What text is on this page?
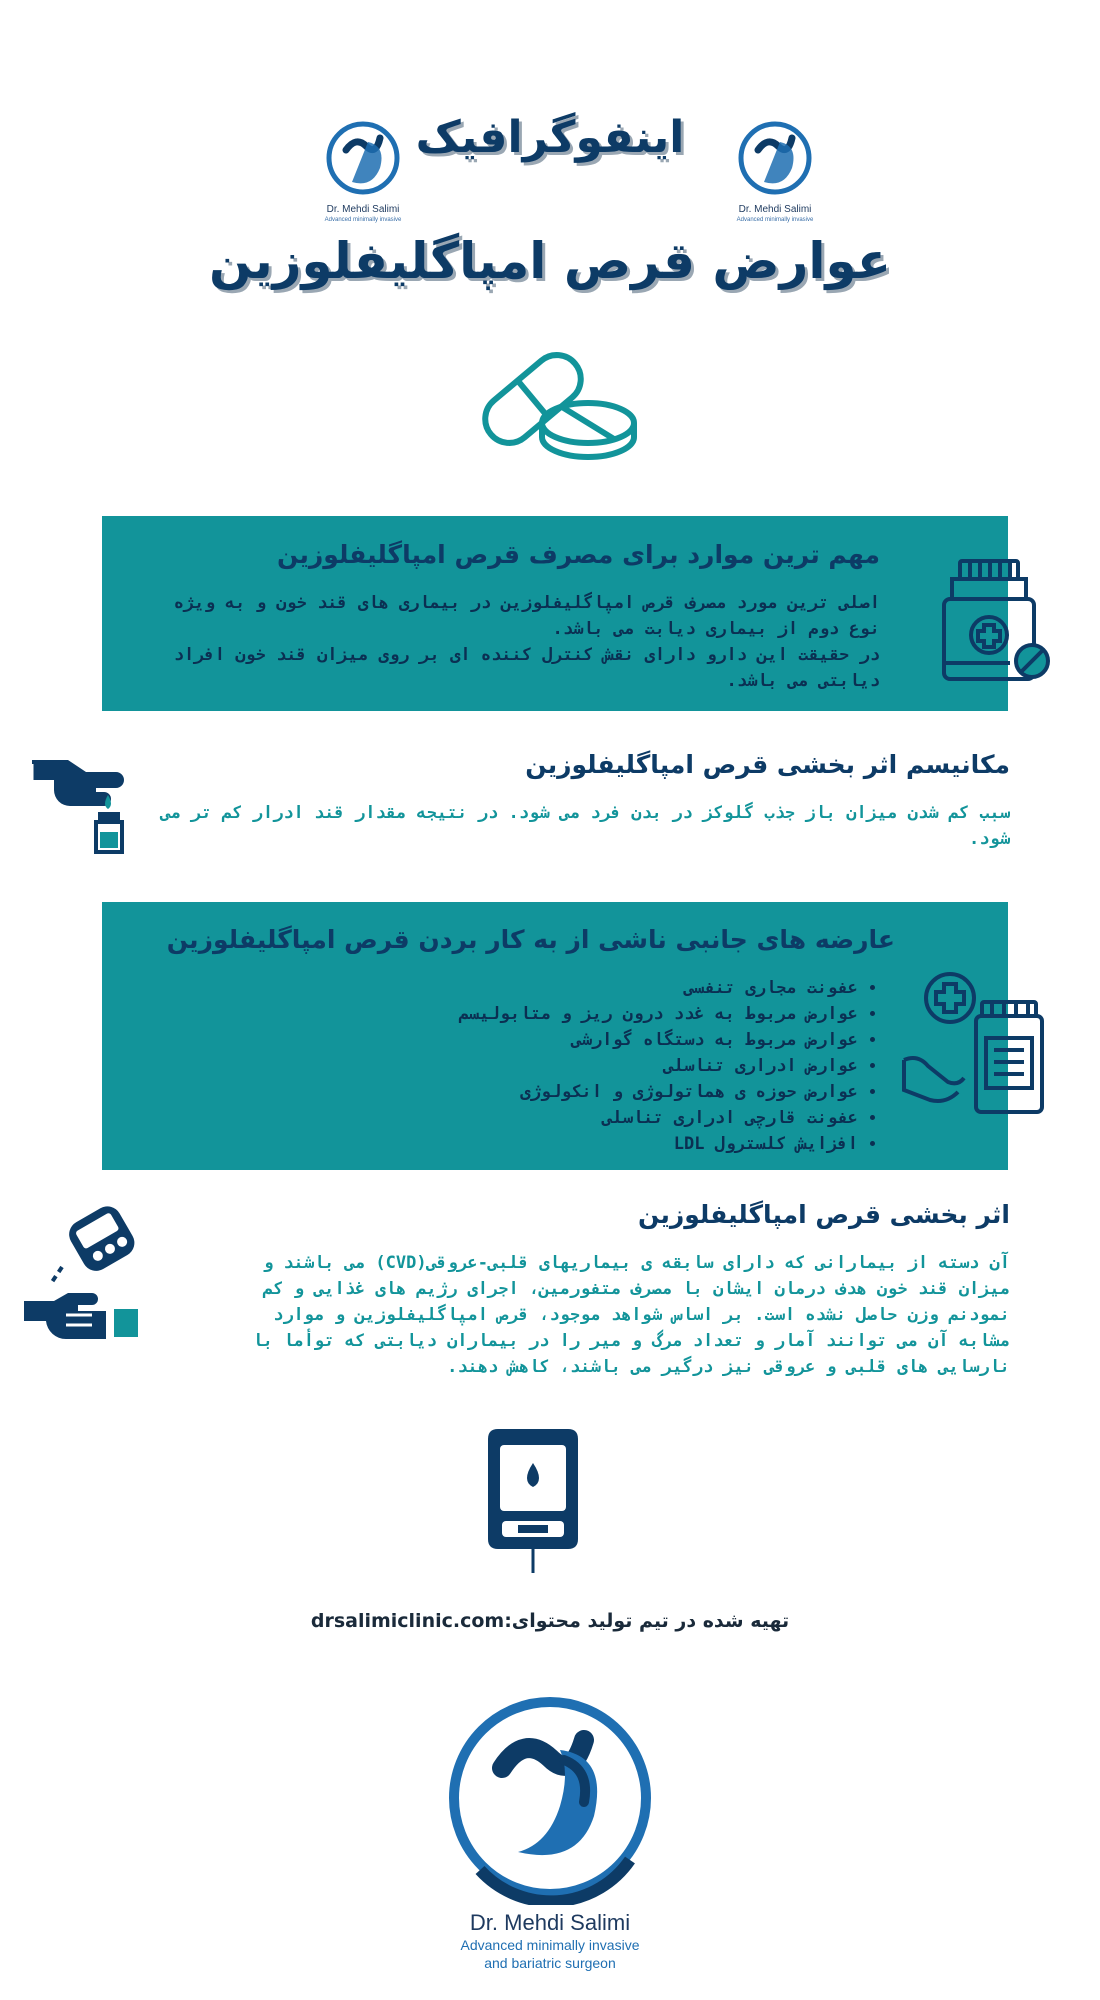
Dr. Mehdi Salimi
Advanced minimally invasive
Dr. Mehdi Salimi
Advanced minimally invasive
اینفوگرافیک
عوارض قرص امپاگلیفلوزین
مهم ترین موارد برای مصرف قرص امپاگلیفلوزین
اصلی ترین مورد مصرف قرص امپاگلیفلوزین در بیماری های قند خون و به ویژه نوع دوم از بیماری دیابت می باشد.
در حقیقت این دارو دارای نقش کنترل کننده ای بر روی میزان قند خون افراد دیابتی می باشد.
مکانیسم اثر بخشی قرص امپاگلیفلوزین
سبب کم شدن میزان باز جذب گلوکز در بدن فرد می شود. در نتیجه مقدار قند ادرار کم تر می شود.
عارضه های جانبی ناشی از به کار بردن قرص امپاگلیفلوزین
• عفونت مجاری تنفسی
• عوارض مربوط به غدد درون ریز و متابولیسم
• عوارض مربوط به دستگاه گوارشی
• عوارض ادراری تناسلی
• عوارض حوزه ی هماتولوژی و انکولوژی
• عفونت قارچی ادراری تناسلی
• افزایش کلسترول LDL
اثر بخشی قرص امپاگلیفلوزین
آن دسته از بیمارانی که دارای سابقه ی بیماریهای قلبی-عروقی(CVD) می باشند و میزان قند خون هدف درمان ایشان با مصرف متفورمین، اجرای رژیم های غذایی و کم نمودنم وزن حاصل نشده است. بر اساس شواهد موجود، قرص امپاگلیفلوزین و موارد مشابه آن می توانند آمار و تعداد مرگ و میر را در بیماران دیابتی که توأما با نارسایی های قلبی و عروقی نیز درگیر می باشند، کاهش دهند.
تهیه شده در تیم تولید محتوای:drsalimiclinic.com
Dr. Mehdi Salimi
Advanced minimally invasive
and bariatric surgeon
